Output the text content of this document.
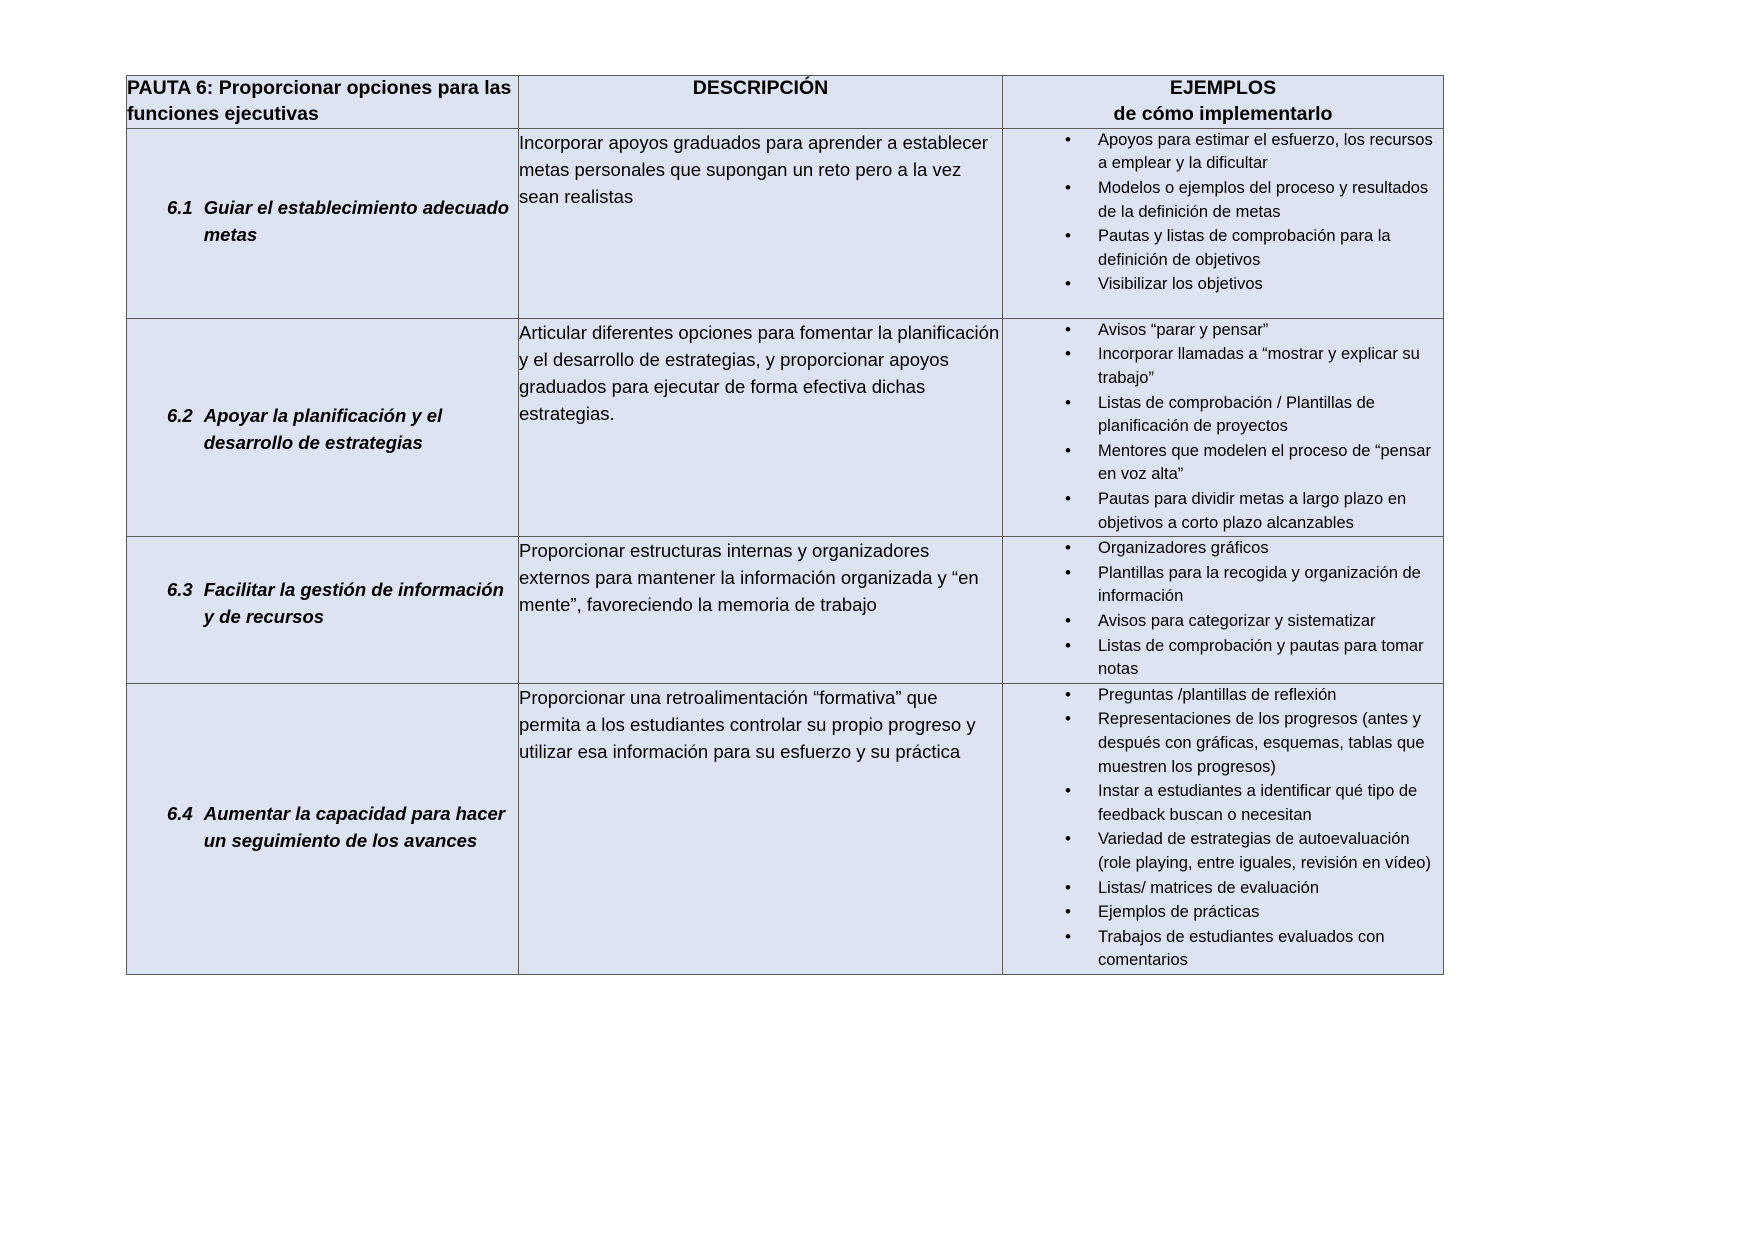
PAUTA 6: Proporcionar opciones para las funciones ejecutivas	DESCRIPCIÓN	EJEMPLOS
de cómo implementarlo

6.1 Guiar el establecimiento adecuado metas
	Incorporar apoyos graduados para aprender a establecer metas personales que supongan un reto pero a la vez sean realistas	
• Apoyos para estimar el esfuerzo, los recursos a emplear y la dificultar
• Modelos o ejemplos del proceso y resultados de la definición de metas
• Pautas y listas de comprobación para la definición de objetivos
• Visibilizar los objetivos

6.2 Apoyar la planificación y el desarrollo de estrategias
	Articular diferentes opciones para fomentar la planificación y el desarrollo de estrategias, y proporcionar apoyos graduados para ejecutar de forma efectiva dichas estrategias.	
• Avisos “parar y pensar”
• Incorporar llamadas a “mostrar y explicar su trabajo”
• Listas de comprobación / Plantillas de planificación de proyectos
• Mentores que modelen el proceso de “pensar en voz alta”
• Pautas para dividir metas a largo plazo en objetivos a corto plazo alcanzables

6.3 Facilitar la gestión de información y de recursos
	Proporcionar estructuras internas y organizadores externos para mantener la información organizada y “en mente”, favoreciendo la memoria de trabajo	
• Organizadores gráficos
• Plantillas para la recogida y organización de información
• Avisos para categorizar y sistematizar
• Listas de comprobación y pautas para tomar notas

6.4 Aumentar la capacidad para hacer un seguimiento de los avances
	Proporcionar una retroalimentación “formativa” que permita a los estudiantes controlar su propio progreso y utilizar esa información para su esfuerzo y su práctica	
• Preguntas /plantillas de reflexión
• Representaciones de los progresos (antes y después con gráficas, esquemas, tablas que muestren los progresos)
• Instar a estudiantes a identificar qué tipo de feedback buscan o necesitan
• Variedad de estrategias de autoevaluación (role playing, entre iguales, revisión en vídeo)
• Listas/ matrices de evaluación
• Ejemplos de prácticas
• Trabajos de estudiantes evaluados con comentarios
